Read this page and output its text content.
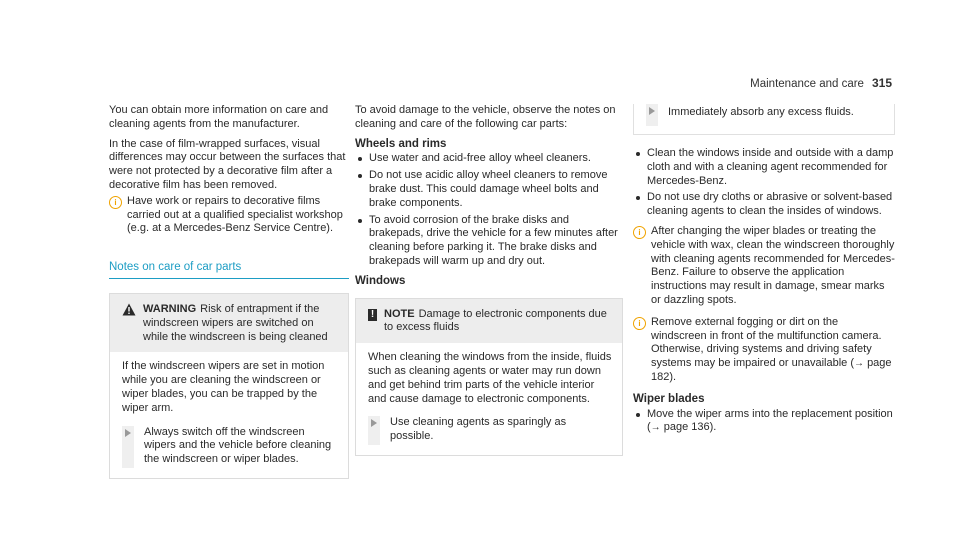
Maintenance and care 315

You can obtain more information on care and cleaning agents from the manufacturer.

In the case of film-wrapped surfaces, visual differences may occur between the surfaces that were not protected by a decorative film after a decorative film has been removed.

i Have work or repairs to decorative films carried out at a qualified specialist workshop (e.g. at a Mercedes-Benz Service Centre).
Notes on care of car parts
WARNING Risk of entrapment if the windscreen wipers are switched on while the windscreen is being cleaned
If the windscreen wipers are set in motion while you are cleaning the windscreen or wiper blades, you can be trapped by the wiper arm.
Always switch off the windscreen wipers and the vehicle before cleaning the windscreen or wiper blades.

To avoid damage to the vehicle, observe the notes on cleaning and care of the following car parts:

Wheels and rims
Use water and acid-free alloy wheel cleaners.
Do not use acidic alloy wheel cleaners to remove brake dust. This could damage wheel bolts and brake components.
To avoid corrosion of the brake disks and brakepads, drive the vehicle for a few minutes after cleaning before parking it. The brake disks and brakepads will warm up and dry out.
Windows
! NOTE Damage to electronic components due to excess fluids
When cleaning the windows from the inside, fluids such as cleaning agents or water may run down and get behind trim parts of the vehicle interior and cause damage to electronic components.
Use cleaning agents as sparingly as possible.
Immediately absorb any excess fluids.
Clean the windows inside and outside with a damp cloth and with a cleaning agent recommended for Mercedes-Benz.
Do not use dry cloths or abrasive or solvent-based cleaning agents to clean the insides of windows.
i After changing the wiper blades or treating the vehicle with wax, clean the windscreen thoroughly with cleaning agents recommended for Mercedes-Benz. Failure to observe the application instructions may result in damage, smear marks or dazzling spots.
i Remove external fogging or dirt on the windscreen in front of the multifunction camera. Otherwise, driving systems and driving safety systems may be impaired or unavailable (→ page 182).
Wiper blades
Move the wiper arms into the replacement position (→ page 136).
